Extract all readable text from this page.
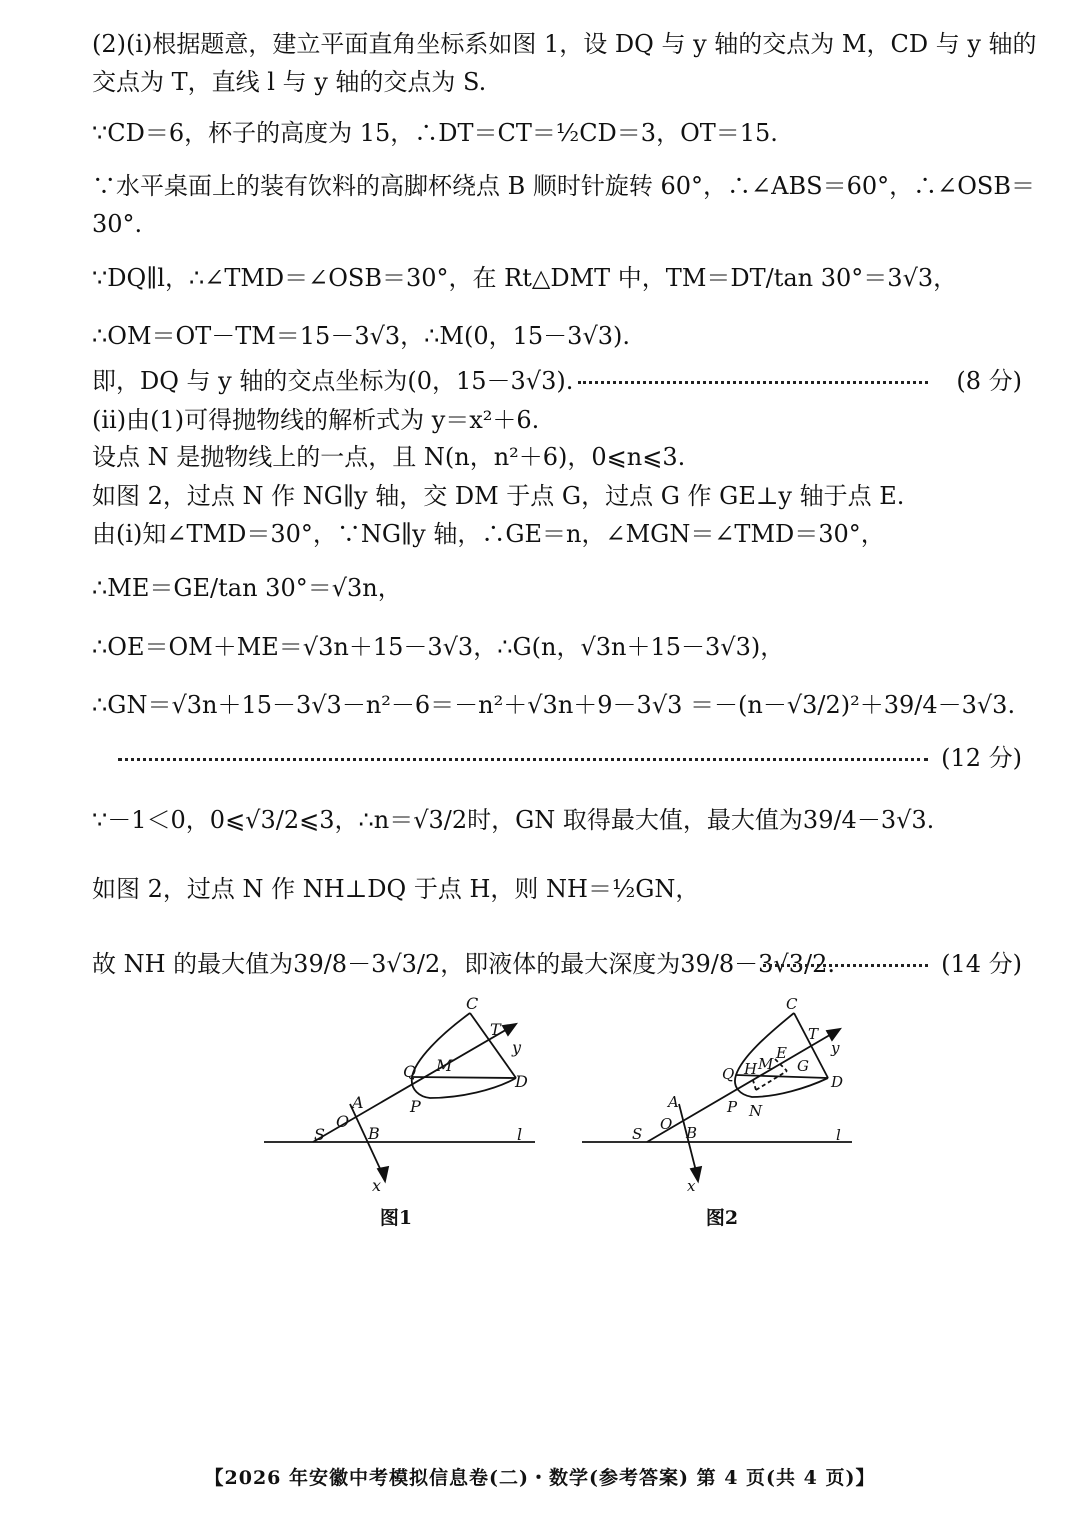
(2)(ⅰ)根据题意，建立平面直角坐标系如图 1，设 DQ 与 y 轴的交点为 M，CD 与 y 轴的
交点为 T，直线 l 与 y 轴的交点为 S.
∵CD＝6，杯子的高度为 15，∴DT＝CT＝½CD＝3，OT＝15.
∵水平桌面上的装有饮料的高脚杯绕点 B 顺时针旋转 60°，∴∠ABS＝60°，∴∠OSB＝
30°.
∵DQ∥l，∴∠TMD＝∠OSB＝30°，在 Rt△DMT 中，TM＝DT/tan 30°＝3√3，
∴OM＝OT－TM＝15－3√3，∴M(0，15－3√3).
即，DQ 与 y 轴的交点坐标为(0，15－3√3).	(8 分)
(ⅱ)由(1)可得抛物线的解析式为 y＝x²＋6.
设点 N 是抛物线上的一点，且 N(n，n²＋6)，0⩽n⩽3.
如图 2，过点 N 作 NG∥y 轴，交 DM 于点 G，过点 G 作 GE⊥y 轴于点 E.
由(ⅰ)知∠TMD＝30°，∵NG∥y 轴，∴GE＝n，∠MGN＝∠TMD＝30°，
∴ME＝GE/tan 30°＝√3n，
∴OE＝OM＋ME＝√3n＋15－3√3，∴G(n，√3n＋15－3√3)，
∴GN＝√3n＋15－3√3－n²－6＝－n²＋√3n＋9－3√3 ＝－(n－√3/2)²＋39/4－3√3.
(12 分)
∵－1＜0，0⩽√3/2⩽3，∴n＝√3/2时，GN 取得最大值，最大值为39/4－3√3.
如图 2，过点 N 作 NH⊥DQ 于点 H，则 NH＝½GN，
故 NH 的最大值为39/8－3√3/2，即液体的最大深度为39/8－3√3/2.	(14 分)
C
T
y
Q M
D
A	P
O
S	B	l
x
图1
C
T
y
Q H M
E
G
D
A	P N
O
S	B	l
x
图2
【2026 年安徽中考模拟信息卷(二)・数学(参考答案) 第 4 页(共 4 页)】
